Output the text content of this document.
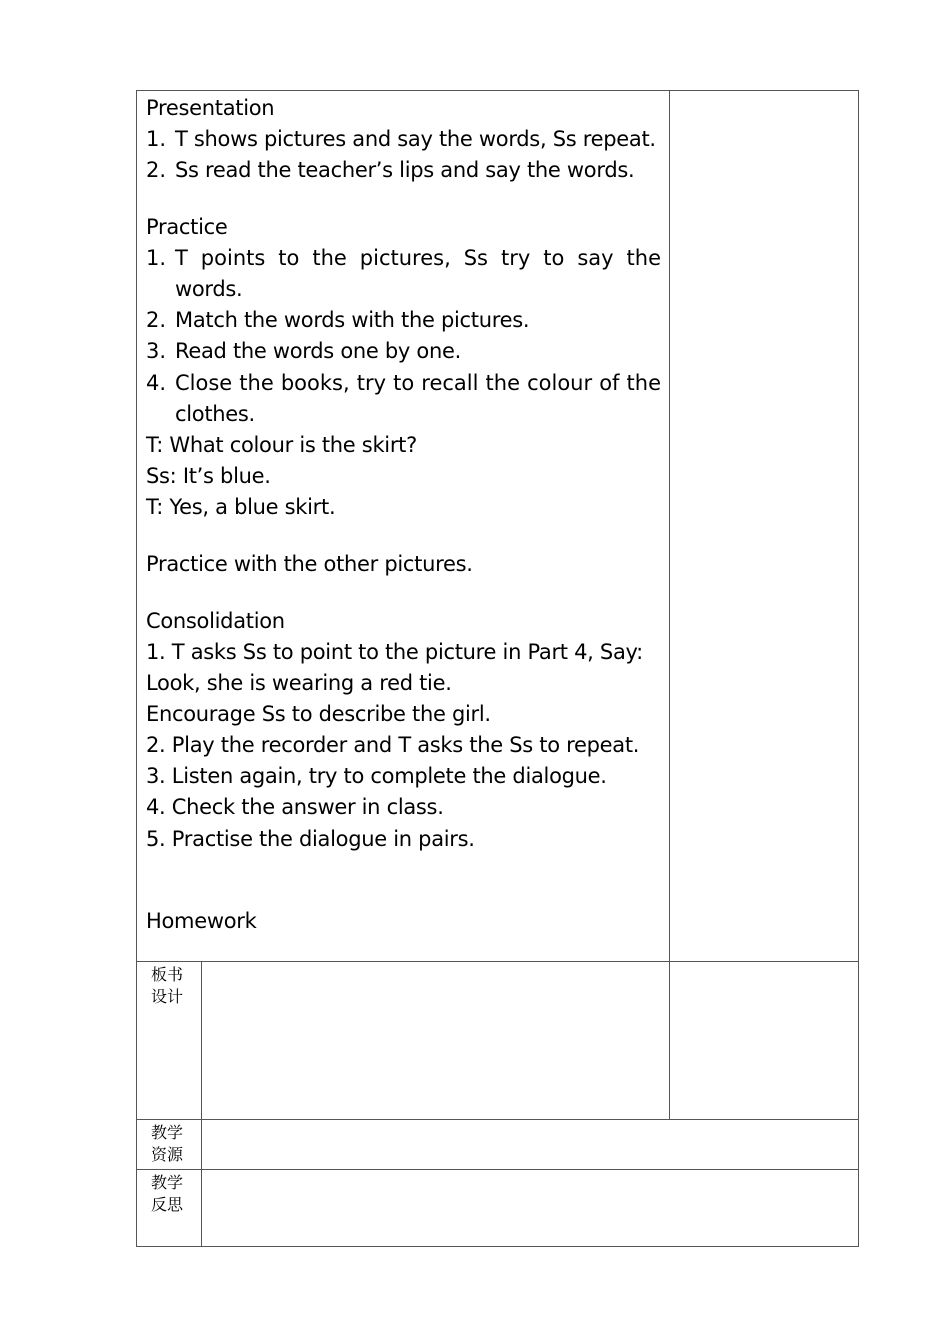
Presentation
1. T shows pictures and say the words, Ss repeat.
2. Ss read the teacher’s lips and say the words.
Practice
1. T points to the pictures, Ss try to say the
words.
2. Match the words with the pictures.
3. Read the words one by one.
4. Close the books, try to recall the colour of the
clothes.
T: What colour is the skirt?
Ss: It’s blue.
T: Yes, a blue skirt.
Practice with the other pictures.
Consolidation
1. T asks Ss to point to the picture in Part 4, Say:
Look, she is wearing a red tie.
Encourage Ss to describe the girl.
2. Play the recorder and T asks the Ss to repeat.
3. Listen again, try to complete the dialogue.
4. Check the answer in class.
5. Practise the dialogue in pairs.
Homework
板书
设计
教学
资源
教学
反思
